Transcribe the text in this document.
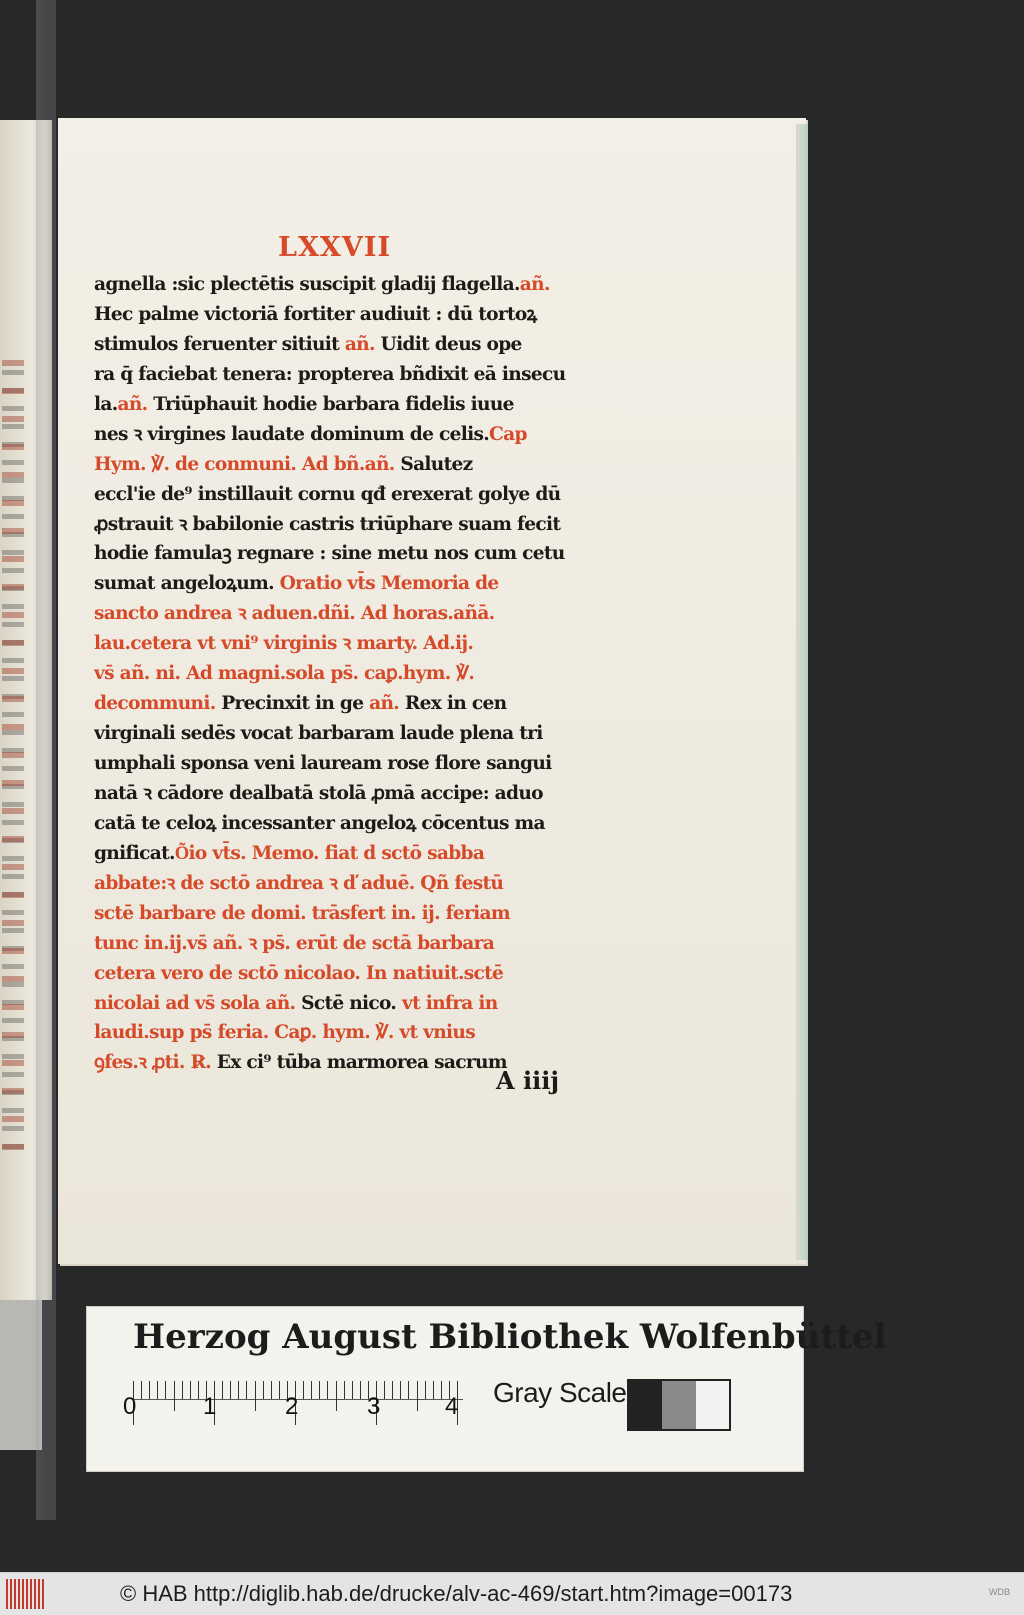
LXXVII
agnella :sic plectētis suscipit gladij flagella.añ.
Hec palme victoriā fortiter audiuit : dū tortoꝝ
stimulos feruenter sitiuit añ. Uidit deus ope
ra q̄ faciebat tenera: propterea bñdixit eā insecu
la.añ. Triūphauit hodie barbara fidelis iuue
nes ꝛ virgines laudate dominum de celis.Cap
Hym. ℣. de conmuni. Ad bñ.añ. Salutez
eccl'ie de⁹ instillauit cornu qđ erexerat golye dū
ꝓstrauit ꝛ babilonie castris triūphare suam fecit
hodie famulaꝫ regnare : sine metu nos cum cetu
sumat angeloꝝum. Oratio vt̄s Memoria de
sancto andrea ꝛ aduen.dñi. Ad horas.añā.
lau.cetera vt vni⁹ virginis ꝛ marty. Ad.ij.
vs̄ añ. ni. Ad magni.sola ps̄. caꝑ.hym. ℣.
decommuni. Precinxit in ge añ. Rex in cen
virginali sedēs vocat barbaram laude plena tri
umphali sponsa veni lauream rose flore sangui
natā ꝛ cādore dealbatā stolā ꝓmā accipe: aduo
catā te celoꝝ incessanter angeloꝝ cōcentus ma
gnificat.O͂io vt̄s. Memo. fiat d sctō sabba
abbate:ꝛ de sctō andrea ꝛ ď aduē. Qñ festū
sctē barbare de domi. trāsfert in. ij. feriam
tunc in.ij.vs̄ añ. ꝛ ps̄. erūt de sctā barbara
cetera vero de sctō nicolao. In natiuit.sctē
nicolai ad vs̄ sola añ. Sctē nico. vt infra in
laudi.sup ps̄ feria. Caꝑ. hym. ℣. vt vnius
ꝯfes.ꝛ ꝓti. R̷. Ex ci⁹ tūba marmorea sacrum
A iiij
Herzog August Bibliothek Wolfenbüttel
0	1	2	3	4 Gray Scale
© HAB http://diglib.hab.de/drucke/alv-ac-469/start.htm?image=00173	WDB
